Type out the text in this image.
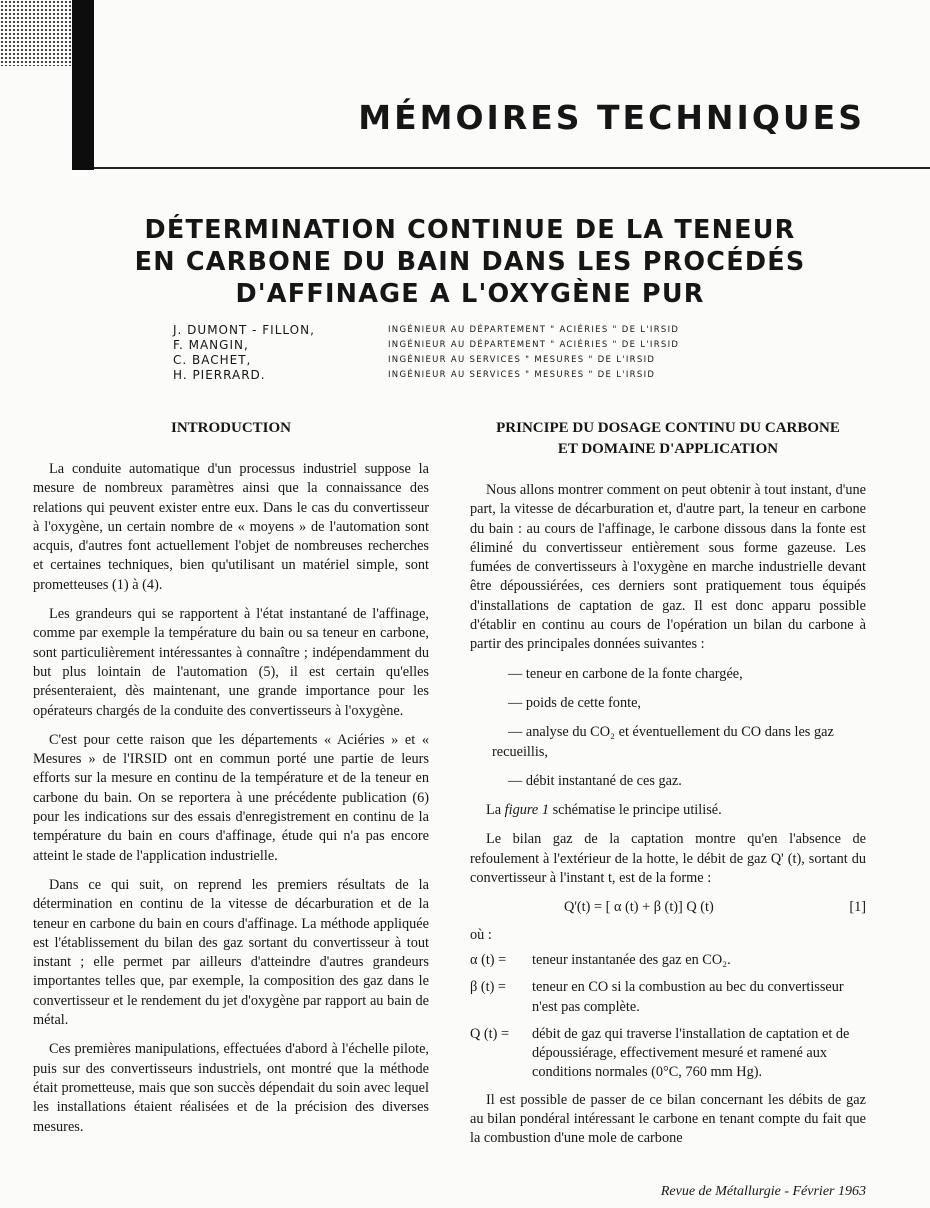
MÉMOIRES TECHNIQUES
DÉTERMINATION CONTINUE DE LA TENEUR
EN CARBONE DU BAIN DANS LES PROCÉDÉS
D'AFFINAGE A L'OXYGÈNE PUR
J. DUMONT - FILLON,	INGÉNIEUR AU DÉPARTEMENT " ACIÉRIES " DE L'IRSID
F. MANGIN,	INGÉNIEUR AU DÉPARTEMENT " ACIÉRIES " DE L'IRSID
C. BACHET,	INGÉNIEUR AU SERVICES " MESURES " DE L'IRSID
H. PIERRARD.	INGÉNIEUR AU SERVICES " MESURES " DE L'IRSID
INTRODUCTION

La conduite automatique d'un processus industriel suppose la mesure de nombreux paramètres ainsi que la connaissance des relations qui peuvent exister entre eux. Dans le cas du convertisseur à l'oxygène, un certain nombre de « moyens » de l'automation sont acquis, d'autres font actuellement l'objet de nombreuses recherches et certaines techniques, bien qu'utilisant un matériel simple, sont prometteuses (1) à (4).

Les grandeurs qui se rapportent à l'état instantané de l'affinage, comme par exemple la température du bain ou sa teneur en carbone, sont particulièrement intéressantes à connaître ; indépendamment du but plus lointain de l'automation (5), il est certain qu'elles présenteraient, dès maintenant, une grande importance pour les opérateurs chargés de la conduite des convertisseurs à l'oxygène.

C'est pour cette raison que les départements « Aciéries » et « Mesures » de l'IRSID ont en commun porté une partie de leurs efforts sur la mesure en continu de la température et de la teneur en carbone du bain. On se reportera à une précédente publication (6) pour les indications sur des essais d'enregistrement en continu de la température du bain en cours d'affinage, étude qui n'a pas encore atteint le stade de l'application industrielle.

Dans ce qui suit, on reprend les premiers résultats de la détermination en continu de la vitesse de décarburation et de la teneur en carbone du bain en cours d'affinage. La méthode appliquée est l'établissement du bilan des gaz sortant du convertisseur à tout instant ; elle permet par ailleurs d'atteindre d'autres grandeurs importantes telles que, par exemple, la composition des gaz dans le convertisseur et le rendement du jet d'oxygène par rapport au bain de métal.

Ces premières manipulations, effectuées d'abord à l'échelle pilote, puis sur des convertisseurs industriels, ont montré que la méthode était prometteuse, mais que son succès dépendait du soin avec lequel les installations étaient réalisées et de la précision des diverses mesures.

PRINCIPE DU DOSAGE CONTINU DU CARBONE
ET DOMAINE D'APPLICATION

Nous allons montrer comment on peut obtenir à tout instant, d'une part, la vitesse de décarburation et, d'autre part, la teneur en carbone du bain : au cours de l'affinage, le carbone dissous dans la fonte est éliminé du convertisseur entièrement sous forme gazeuse. Les fumées de convertisseurs à l'oxygène en marche industrielle devant être dépoussiérées, ces derniers sont pratiquement tous équipés d'installations de captation de gaz. Il est donc apparu possible d'établir en continu au cours de l'opération un bilan du carbone à partir des principales données suivantes :

— teneur en carbone de la fonte chargée,

— poids de cette fonte,

— analyse du CO₂ et éventuellement du CO dans les gaz recueillis,

— débit instantané de ces gaz.

La figure 1 schématise le principe utilisé.

Le bilan gaz de la captation montre qu'en l'absence de refoulement à l'extérieur de la hotte, le débit de gaz Q' (t), sortant du convertisseur à l'instant t, est de la forme :

Q'(t) = [ α (t) + β (t)] Q (t)	[1]
où :
α (t) =	teneur instantanée des gaz en CO₂.
β (t) =	teneur en CO si la combustion au bec du convertisseur n'est pas complète.
Q (t) =	débit de gaz qui traverse l'installation de captation et de dépoussiérage, effectivement mesuré et ramené aux conditions normales (0°C, 760 mm Hg).

Il est possible de passer de ce bilan concernant les débits de gaz au bilan pondéral intéressant le carbone en tenant compte du fait que la combustion d'une mole de carbone

Revue de Métallurgie - Février 1963
